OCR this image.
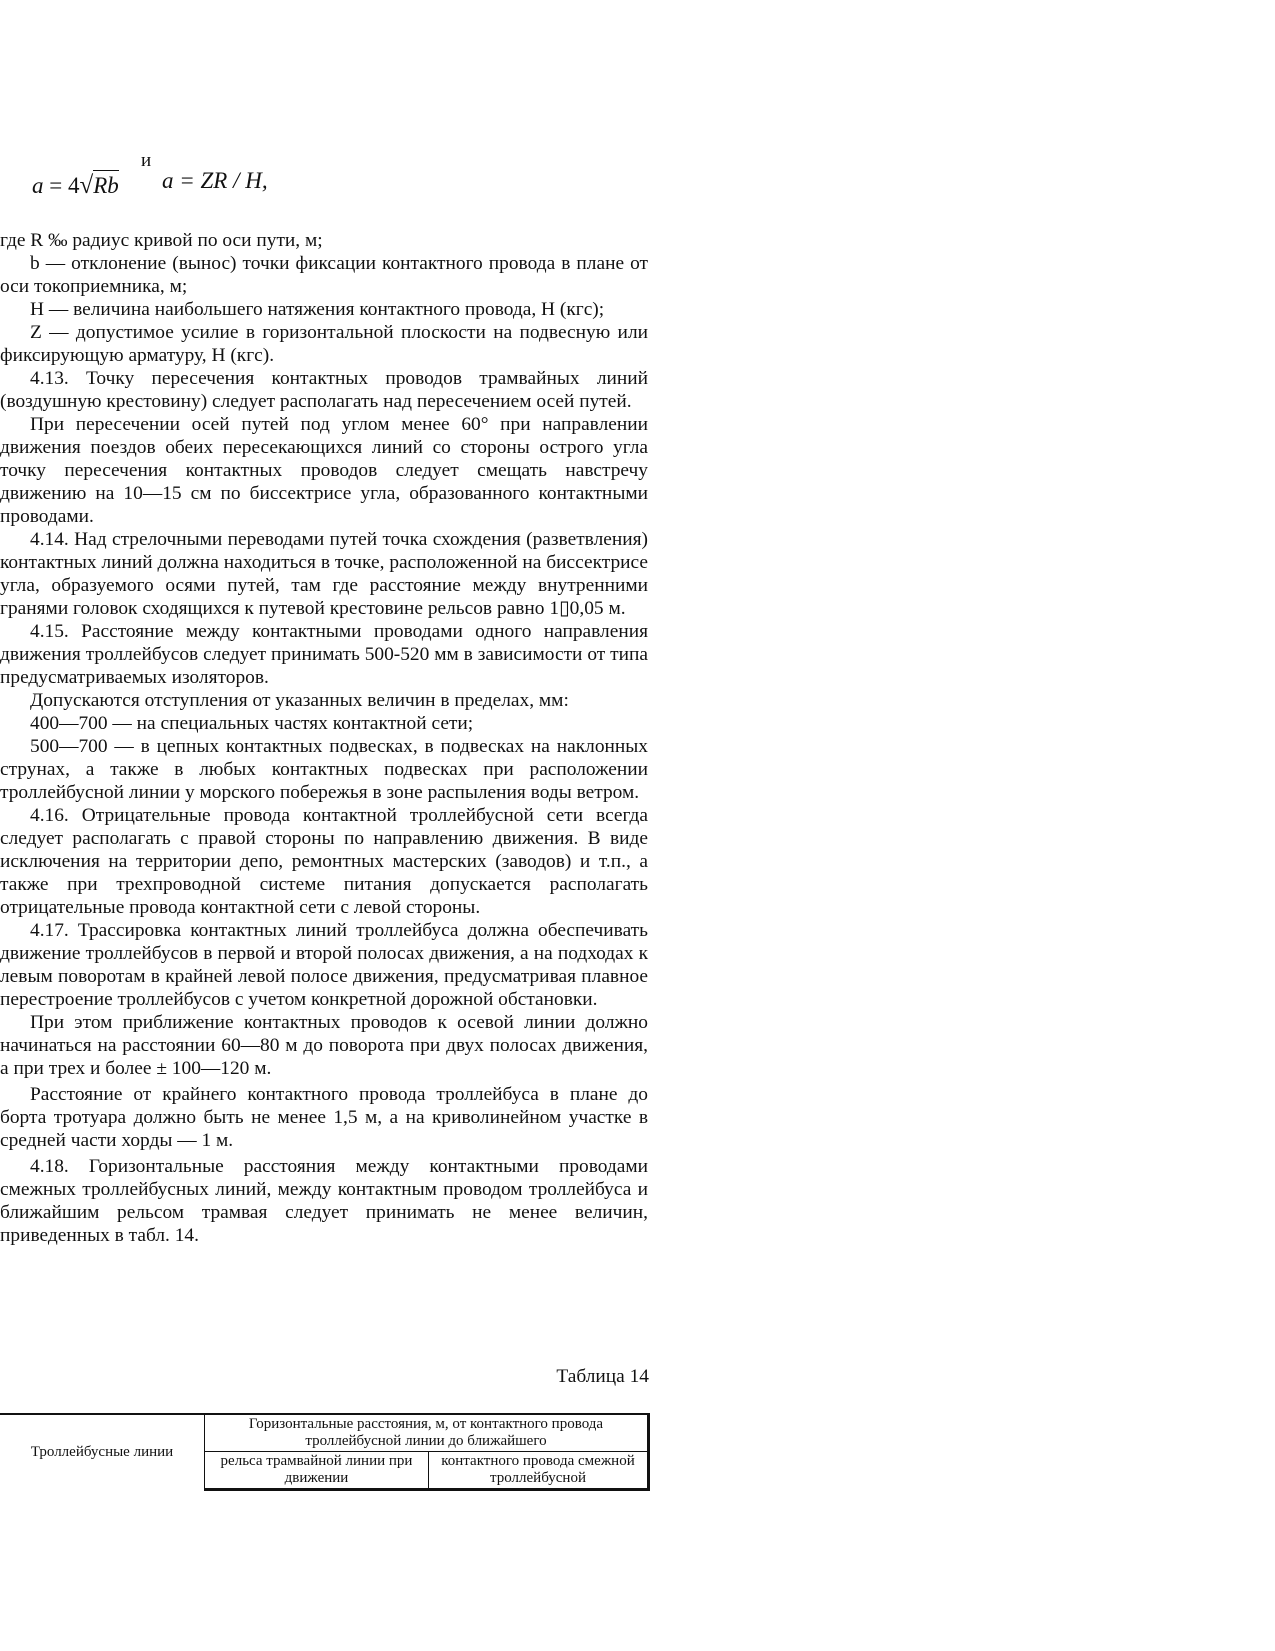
и
a = 4√Rb a = ZR / H,

где R ‰ радиус кривой по оси пути, м;

b — отклонение (вынос) точки фиксации контактного провода в плане от оси токоприемника, м;

H — величина наибольшего натяжения контактного провода, Н (кгс);

Z — допустимое усилие в горизонтальной плоскости на подвесную или фиксирующую арматуру, Н (кгс).

4.13. Точку пересечения контактных проводов трамвайных линий (воздушную крестовину) следует располагать над пересечением осей путей.

При пересечении осей путей под углом менее 60° при направлении движения поездов обеих пересекающихся линий со стороны острого угла точку пересечения контактных проводов следует смещать навстречу движению на 10—15 см по биссектрисе угла, образованного контактными проводами.

4.14. Над стрелочными переводами путей точка схождения (разветвления) контактных линий должна находиться в точке, расположенной на биссектрисе угла, образуемого осями путей, там где расстояние между внутренними гранями головок сходящихся к путевой крестовине рельсов равно 1▯0,05 м.

4.15. Расстояние между контактными проводами одного направления движения троллейбусов следует принимать 500-520 мм в зависимости от типа предусматриваемых изоляторов.

Допускаются отступления от указанных величин в пределах, мм:

400—700 — на специальных частях контактной сети;

500—700 — в цепных контактных подвесках, в подвесках на наклонных струнах, а также в любых контактных подвесках при расположении троллейбусной линии у морского побережья в зоне распыления воды ветром.

4.16. Отрицательные провода контактной троллейбусной сети всегда следует располагать с правой стороны по направлению движения. В виде исключения на территории депо, ремонтных мастерских (заводов) и т.п., а также при трехпроводной системе питания допускается располагать отрицательные провода контактной сети с левой стороны.

4.17. Трассировка контактных линий троллейбуса должна обеспечивать движение троллейбусов в первой и второй полосах движения, а на подходах к левым поворотам в крайней левой полосе движения, предусматривая плавное перестроение троллейбусов с учетом конкретной дорожной обстановки.

При этом приближение контактных проводов к осевой линии должно начинаться на расстоянии 60—80 м до поворота при двух полосах движения, а при трех и более ± 100—120 м.

Расстояние от крайнего контактного провода троллейбуса в плане до борта тротуара должно быть не менее 1,5 м, а на криволинейном участке в средней части хорды — 1 м.

4.18. Горизонтальные расстояния между контактными проводами смежных троллейбусных линий, между контактным проводом троллейбуса и ближайшим рельсом трамвая следует принимать не менее величин, приведенных в табл. 14.

Таблица 14
Троллейбусные линии	Горизонтальные расстояния, м, от контактного провода троллейбусной линии до ближайшего	
	рельса трамвайной линии при движении	контактного провода смежной троллейбусной
